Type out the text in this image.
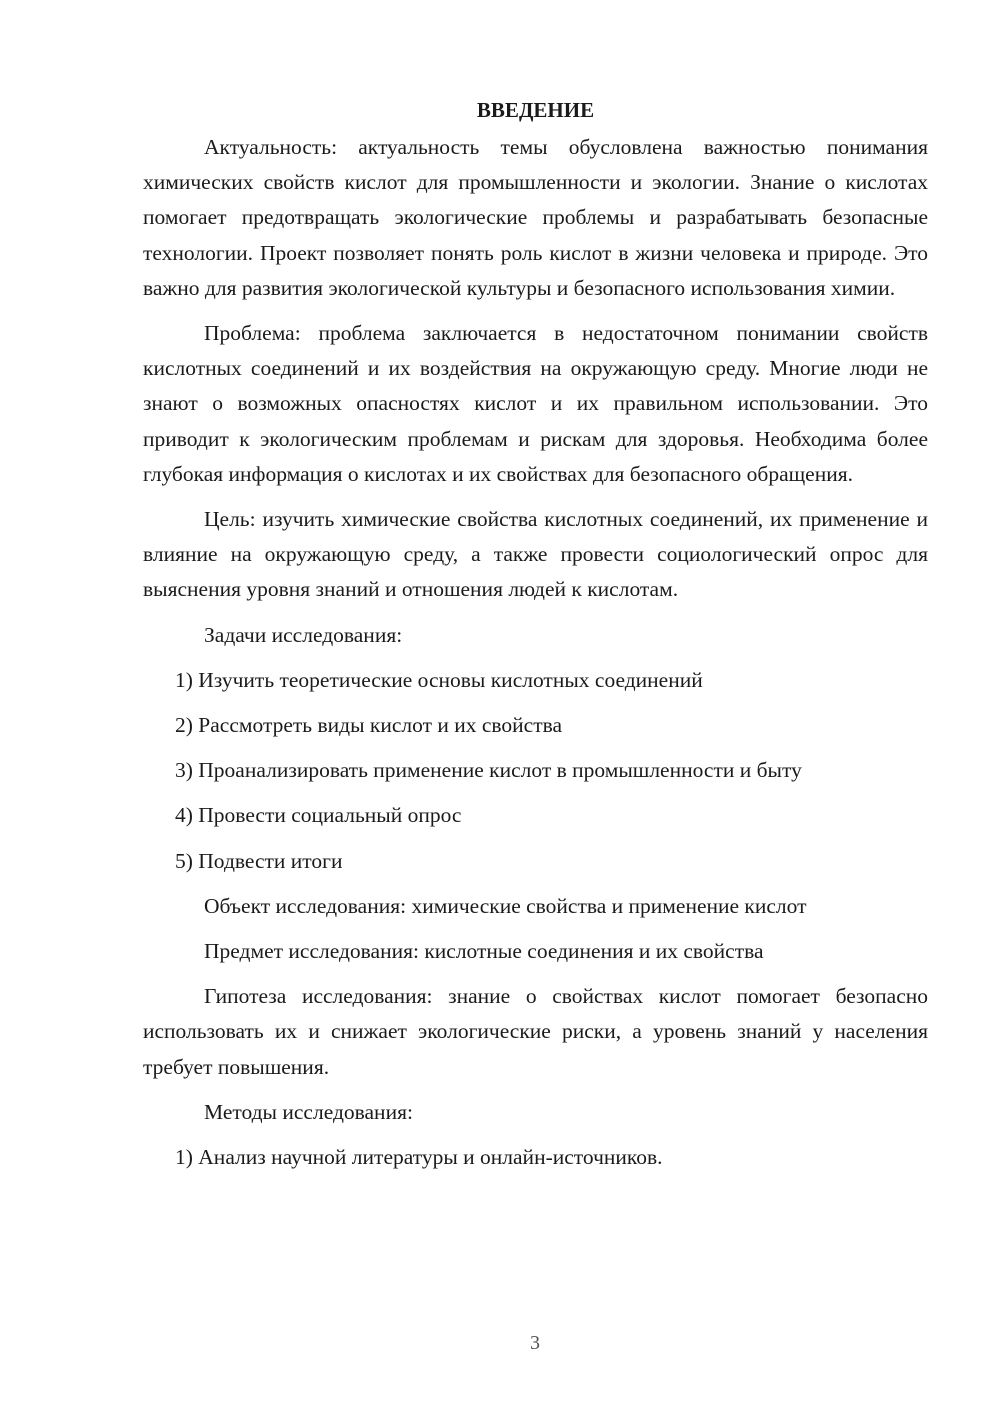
ВВЕДЕНИЕ

Актуальность: актуальность темы обусловлена важностью понимания химических свойств кислот для промышленности и экологии. Знание о кислотах помогает предотвращать экологические проблемы и разрабатывать безопасные технологии. Проект позволяет понять роль кислот в жизни человека и природе. Это важно для развития экологической культуры и безопасного использования химии.

Проблема: проблема заключается в недостаточном понимании свойств кислотных соединений и их воздействия на окружающую среду. Многие люди не знают о возможных опасностях кислот и их правильном использовании. Это приводит к экологическим проблемам и рискам для здоровья. Необходима более глубокая информация о кислотах и их свойствах для безопасного обращения.

Цель: изучить химические свойства кислотных соединений, их применение и влияние на окружающую среду, а также провести социологический опрос для выяснения уровня знаний и отношения людей к кислотам.

Задачи исследования:
1) Изучить теоретические основы кислотных соединений
2) Рассмотреть виды кислот и их свойства
3) Проанализировать применение кислот в промышленности и быту
4) Провести социальный опрос
5) Подвести итоги
Объект исследования: химические свойства и применение кислот
Предмет исследования: кислотные соединения и их свойства

Гипотеза исследования: знание о свойствах кислот помогает безопасно использовать их и снижает экологические риски, а уровень знаний у населения требует повышения.

Методы исследования:
1) Анализ научной литературы и онлайн-источников.
3
